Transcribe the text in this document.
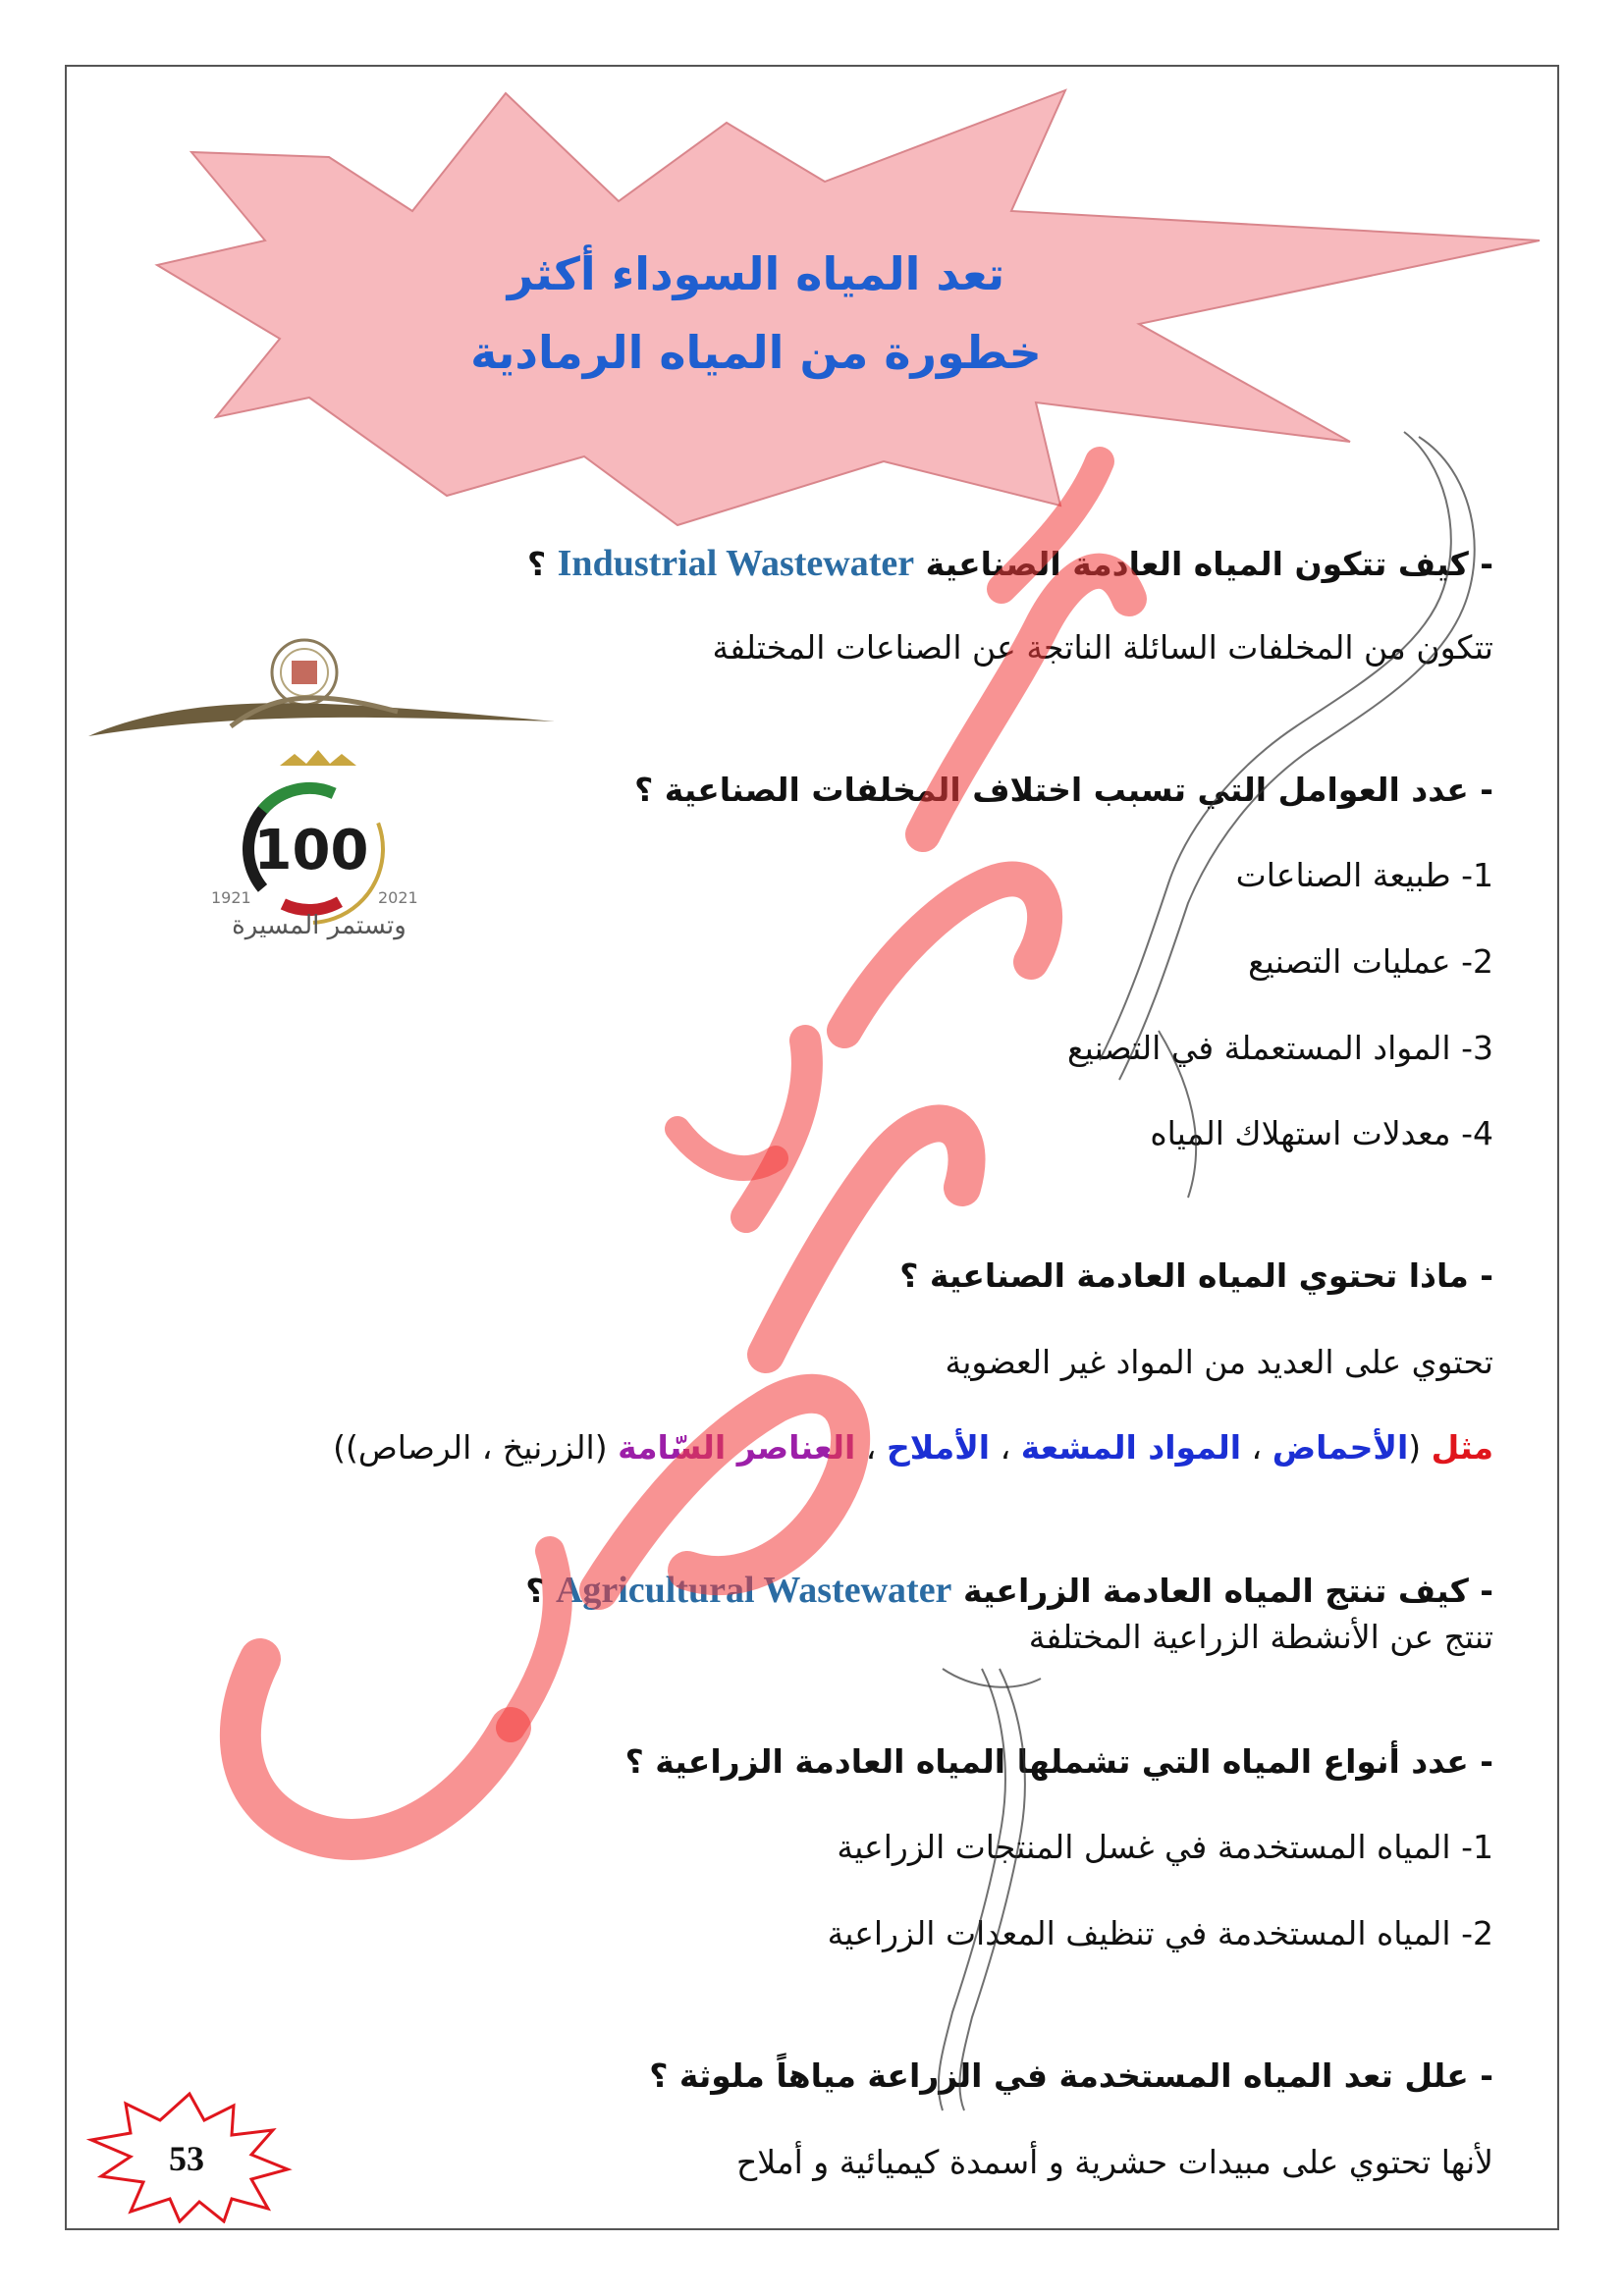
تعد المياه السوداء أكثر
خطورة من المياه الرمادية
100
1921	2021
وتستمر المسيرة
- كيف تتكون المياه العادمة الصناعية Industrial Wastewater ؟
تتكون من المخلفات السائلة الناتجة عن الصناعات المختلفة
- عدد العوامل التي تسبب اختلاف المخلفات الصناعية ؟
1- طبيعة الصناعات
2- عمليات التصنيع
3- المواد المستعملة في التصنيع
4- معدلات استهلاك المياه
- ماذا تحتوي المياه العادمة الصناعية ؟
تحتوي على العديد من المواد غير العضوية
مثل (الأحماض ، المواد المشعة ، الأملاح ، العناصر السّامة (الزرنيخ ، الرصاص))
- كيف تنتج المياه العادمة الزراعية Agricultural Wastewater ؟
تنتج عن الأنشطة الزراعية المختلفة
- عدد أنواع المياه التي تشملها المياه العادمة الزراعية ؟
1- المياه المستخدمة في غسل المنتجات الزراعية
2- المياه المستخدمة في تنظيف المعدات الزراعية
- علل تعد المياه المستخدمة في الزراعة مياهاً ملوثة ؟
لأنها تحتوي على مبيدات حشرية و أسمدة كيميائية و أملاح
53
